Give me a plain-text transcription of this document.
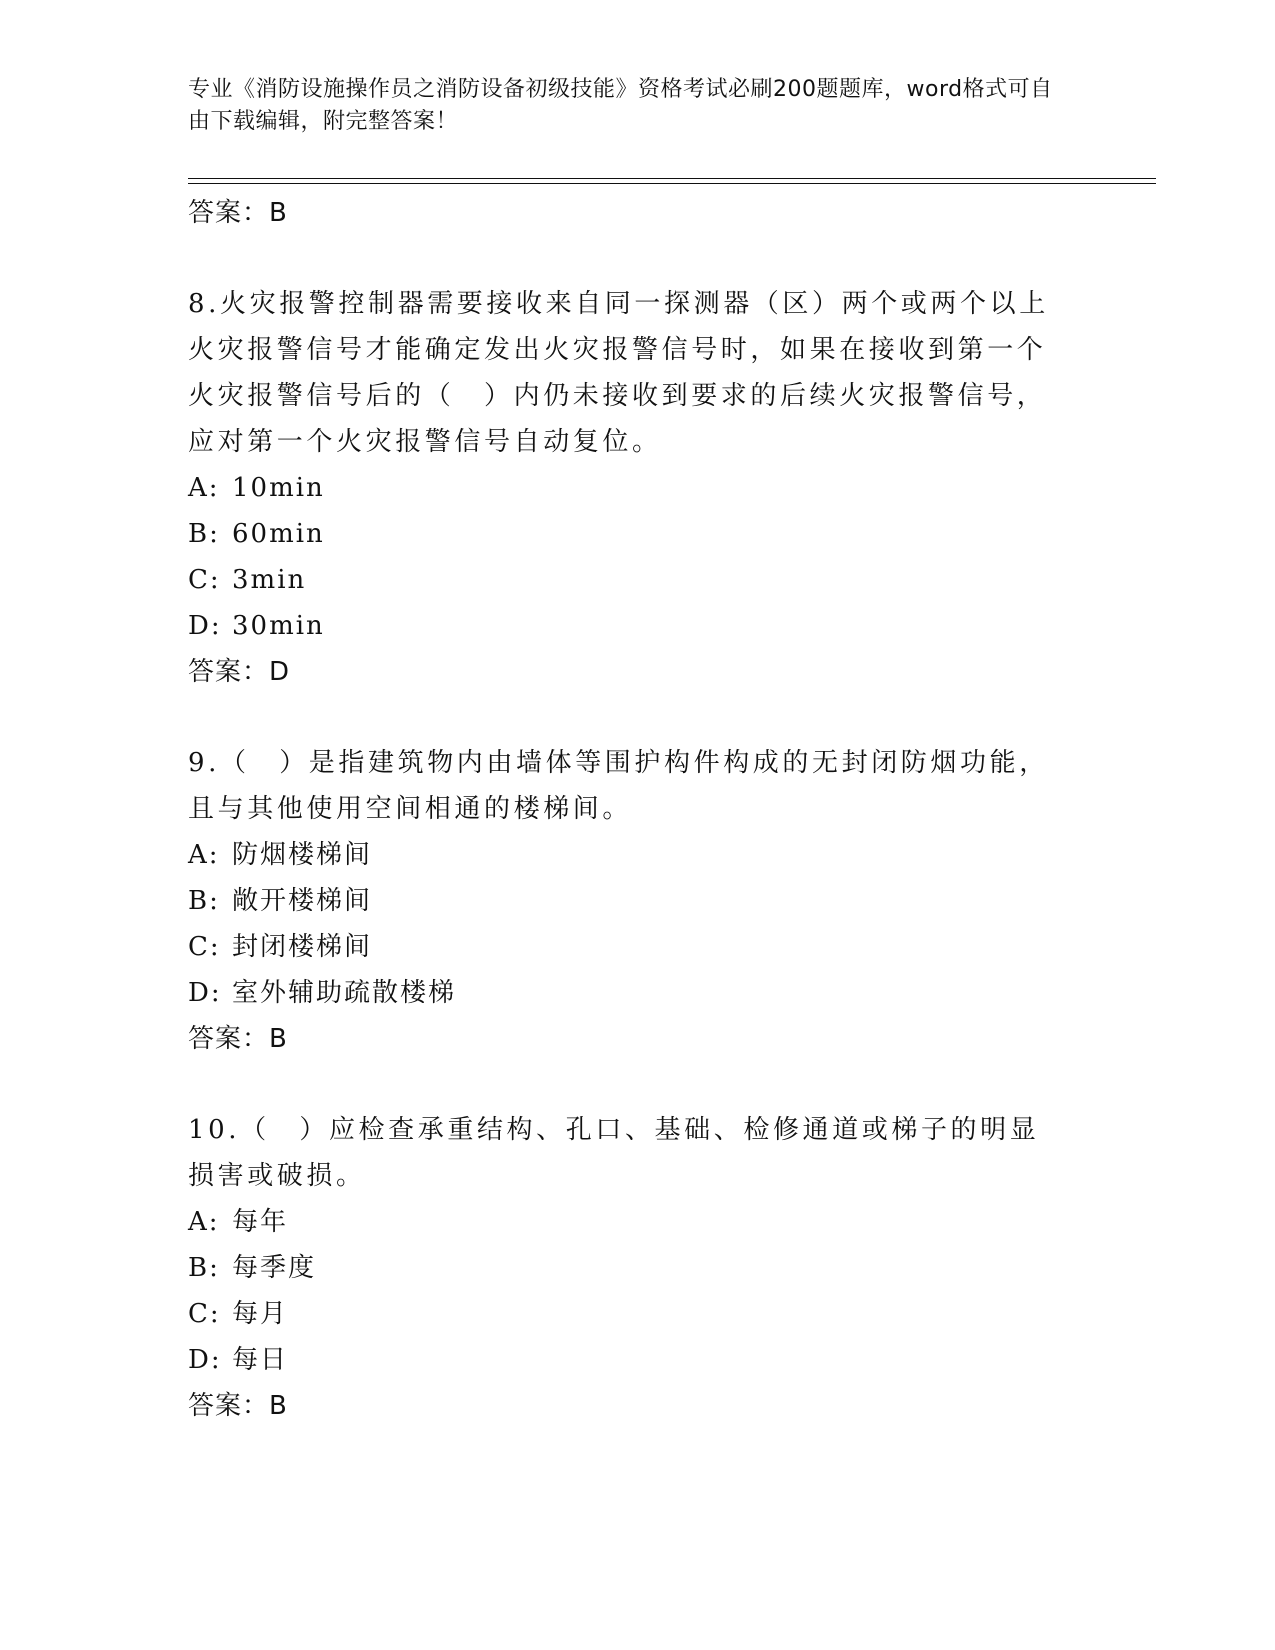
专业《消防设施操作员之消防设备初级技能》资格考试必刷200题题库，word格式可自由下载编辑，附完整答案！
答案：B
8.火灾报警控制器需要接收来自同一探测器（区）两个或两个以上火灾报警信号才能确定发出火灾报警信号时，如果在接收到第一个火灾报警信号后的（　）内仍未接收到要求的后续火灾报警信号，应对第一个火灾报警信号自动复位。
A: 10min
B: 60min
C: 3min
D: 30min
答案：D
9.（　）是指建筑物内由墙体等围护构件构成的无封闭防烟功能，且与其他使用空间相通的楼梯间。
A: 防烟楼梯间
B: 敞开楼梯间
C: 封闭楼梯间
D: 室外辅助疏散楼梯
答案：B
10.（　）应检查承重结构、孔口、基础、检修通道或梯子的明显损害或破损。
A: 每年
B: 每季度
C: 每月
D: 每日
答案：B
